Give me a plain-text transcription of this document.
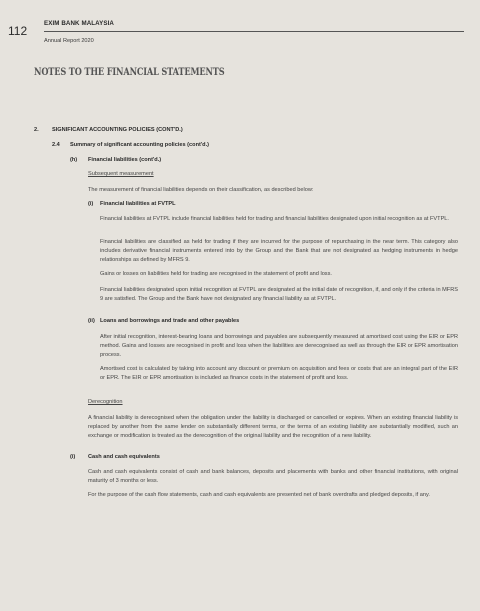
112
EXIM BANK MALAYSIA
Annual Report 2020
NOTES TO THE FINANCIAL STATEMENTS
2. SIGNIFICANT ACCOUNTING POLICIES (CONT'D.)
2.4 Summary of significant accounting policies (cont'd.)
(h) Financial liabilities (cont'd.)
Subsequent measurement
The measurement of financial liabilities depends on their classification, as described below:
(i) Financial liabilities at FVTPL
Financial liabilities at FVTPL include financial liabilities held for trading and financial liabilities designated upon initial recognition as at FVTPL.
Financial liabilities are classified as held for trading if they are incurred for the purpose of repurchasing in the near term. This category also includes derivative financial instruments entered into by the Group and the Bank that are not designated as hedging instruments in hedge relationships as defined by MFRS 9.
Gains or losses on liabilities held for trading are recognised in the statement of profit and loss.
Financial liabilities designated upon initial recognition at FVTPL are designated at the initial date of recognition, if, and only if the criteria in MFRS 9 are satisfied. The Group and the Bank have not designated any financial liability as at FVTPL.
(ii) Loans and borrowings and trade and other payables
After initial recognition, interest-bearing loans and borrowings and payables are subsequently measured at amortised cost using the EIR or EPR method. Gains and losses are recognised in profit and loss when the liabilities are derecognised as well as through the EIR or EPR amortisation process.
Amortised cost is calculated by taking into account any discount or premium on acquisition and fees or costs that are an integral part of the EIR or EPR. The EIR or EPR amortisation is included as finance costs in the statement of profit and loss.
Derecognition
A financial liability is derecognised when the obligation under the liability is discharged or cancelled or expires. When an existing financial liability is replaced by another from the same lender on substantially different terms, or the terms of an existing liability are substantially modified, such an exchange or modification is treated as the derecognition of the original liability and the recognition of a new liability.
(i) Cash and cash equivalents
Cash and cash equivalents consist of cash and bank balances, deposits and placements with banks and other financial institutions, with original maturity of 3 months or less.
For the purpose of the cash flow statements, cash and cash equivalents are presented net of bank overdrafts and pledged deposits, if any.
